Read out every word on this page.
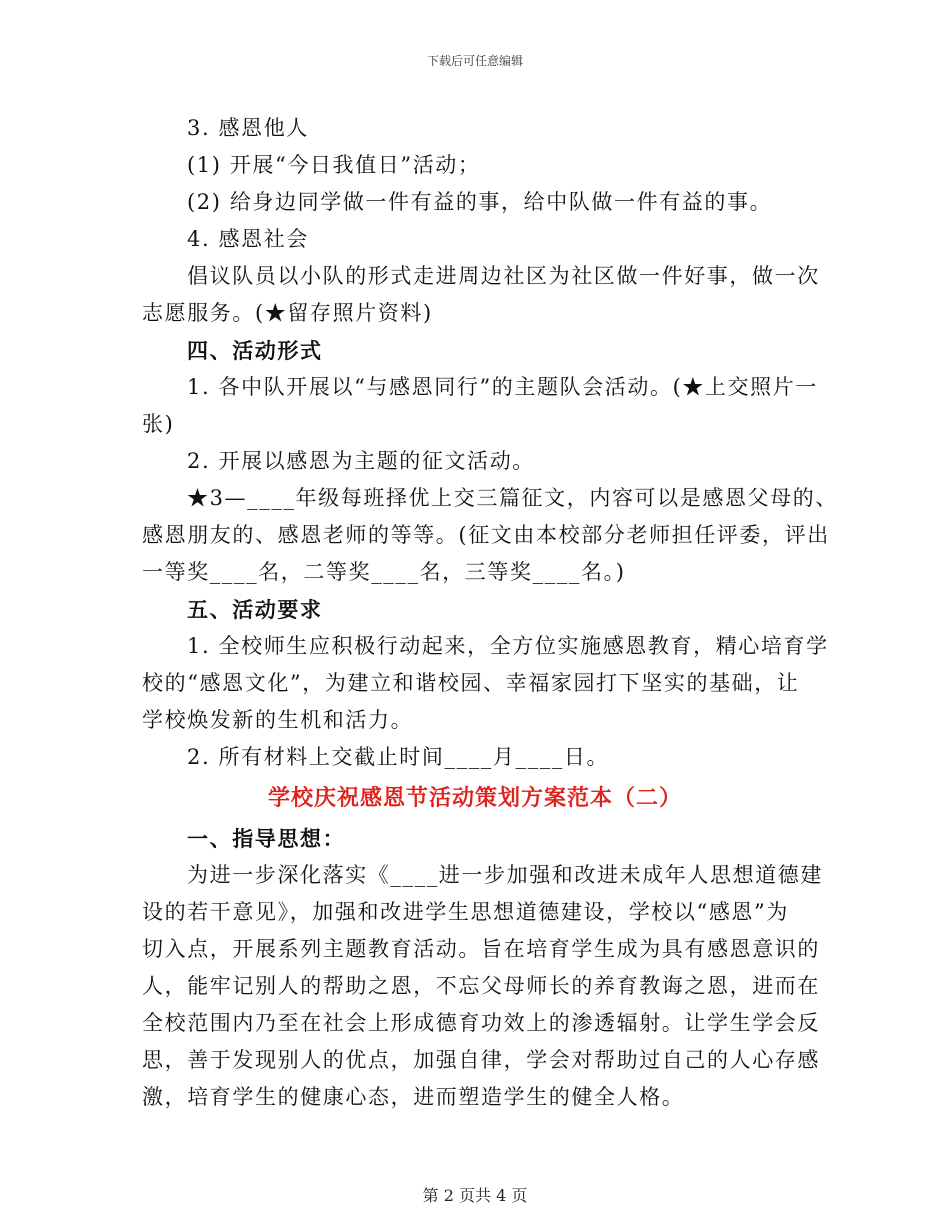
下载后可任意编辑
3. 感恩他人
(1) 开展“今日我值日”活动；
(2) 给身边同学做一件有益的事，给中队做一件有益的事。
4. 感恩社会
倡议队员以小队的形式走进周边社区为社区做一件好事，做一次
志愿服务。(★留存照片资料)
四、活动形式
1. 各中队开展以“与感恩同行”的主题队会活动。(★上交照片一
张)
2. 开展以感恩为主题的征文活动。
★3—____年级每班择优上交三篇征文，内容可以是感恩父母的、
感恩朋友的、感恩老师的等等。(征文由本校部分老师担任评委，评出
一等奖____名，二等奖____名，三等奖____名。)
五、活动要求
1. 全校师生应积极行动起来，全方位实施感恩教育，精心培育学
校的“感恩文化”，为建立和谐校园、幸福家园打下坚实的基础，让
学校焕发新的生机和活力。
2. 所有材料上交截止时间____月____日。
学校庆祝感恩节活动策划方案范本（二）
一、指导思想：
为进一步深化落实《____进一步加强和改进未成年人思想道德建
设的若干意见》，加强和改进学生思想道德建设，学校以“感恩”为
切入点，开展系列主题教育活动。旨在培育学生成为具有感恩意识的
人，能牢记别人的帮助之恩，不忘父母师长的养育教诲之恩，进而在
全校范围内乃至在社会上形成德育功效上的渗透辐射。让学生学会反
思，善于发现别人的优点，加强自律，学会对帮助过自己的人心存感
激，培育学生的健康心态，进而塑造学生的健全人格。
第 2 页共 4 页
